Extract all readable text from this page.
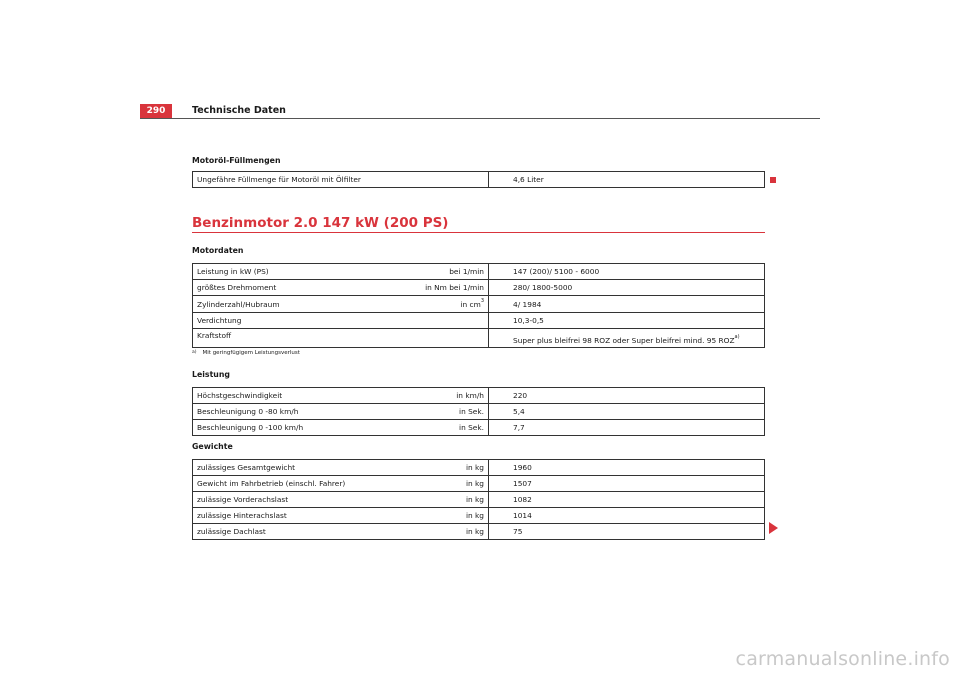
290	Technische Daten
Motoröl-Füllmengen
Ungefähre Füllmenge für Motoröl mit Ölfilter		4,6 Liter
Benzinmotor 2.0 147 kW (200 PS)
Motordaten
Leistung in kW (PS)	bei 1/min	147 (200)/ 5100 - 6000
größtes Drehmoment	in Nm bei 1/min	280/ 1800-5000
Zylinderzahl/Hubraum	in $cm^3$	4/ 1984
Verdichtung		10,3-0,5
Kraftstoff		Super plus bleifrei 98 ROZ oder Super bleifrei mind. 95 ROZ$^{a)}$
$^{a)}$ Mit geringfügigem Leistungsverlust
Leistung
Höchstgeschwindigkeit	in km/h	220
Beschleunigung 0 -80 km/h	in Sek.	5,4
Beschleunigung 0 -100 km/h	in Sek.	7,7
Gewichte
zulässiges Gesamtgewicht	in kg	1960
Gewicht im Fahrbetrieb (einschl. Fahrer)	in kg	1507
zulässige Vorderachslast	in kg	1082
zulässige Hinterachslast	in kg	1014
zulässige Dachlast	in kg	75
carmanualsonline.info
